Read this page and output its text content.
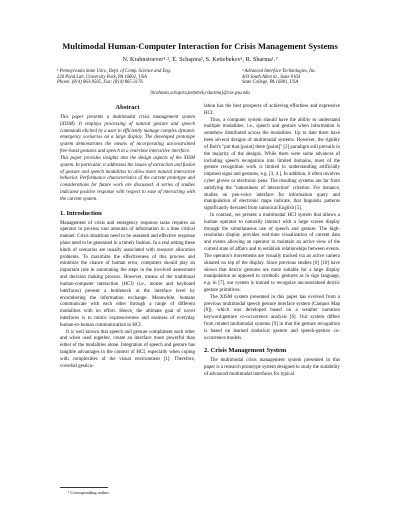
Multimodal Human-Computer Interaction for Crisis Management Systems
N. Krahnstoever¹˒², E. Schapira², S. Kettebekov¹, R. Sharma¹˒²
¹ Pennsylvania State Univ., Dept. of Comp. Science and Eng.
220 Pond Lab, University Park, PA 16802, USA
Phone: (814) 863-9505, Fax: (814) 865-3176
² Advanced Interface Technologies, Inc.
403 South Allen St., Suite #104
State College, PA 16801, USA
{krahnsto,schapira,kettebek,rsharma}@cse.psu.edu
Abstract

This paper presents a multimodal crisis management system (XISM). It employs processing of natural gesture and speech commands elicited by a user to efficiently manage complex dynamic emergency scenarios on a large display. The developed prototype system demonstrates the means of incorporating unconstrained free-hand gestures and speech in a real-time interactive interface.

This paper provides insights into the design aspects of the XISM system. In particular, it addresses the issues of extraction and fusion of gesture and speech modalities to allow more natural interactive behavior. Performance characteristics of the current prototype and considerations for future work are discussed. A series of studies indicated positive response with respect to ease of interacting with the current system.

1. Introduction

Management of crisis and emergency response tasks requires an operator to process vast amounts of information in a time critical manner. Crisis situations need to be assessed and effective response plans need to be generated in a timely fashion. In a real setting these kinds of scenarios are usually associated with resource allocation problems. To maximize the effectiveness of this process and minimize the chance of human error, computers should play an important role in automating the steps in the involved assessment and decision making process. However, means of the traditional human-computer interaction (HCI) (i.e., mouse and keyboard interfaces) present a bottleneck at the interface level by encumbering the information exchange. Meanwhile, humans communicate with each other through a range of different modalities with no effort. Hence, the ultimate goal of novel interfaces is to mimic expressiveness and easiness of everyday human-to-human communication in HCI.

It is well known that speech and gesture compliment each other and when used together, create an interface more powerful than either of the modalities alone. Integration of speech and gesture has tangible advantages in the context of HCI, especially when coping with complexities of the visual environment [1]. Therefore, coverbal gesticu-

lation has the best prospects of achieving effortless and expressive HCI.

Thus, a computer system should have the ability to understand multiple modalities, i.e., speech and gesture when information is somehow distributed across the modalities. Up to date there have been several designs of multimodal systems. However, the rigidity of Bolt's "put that [point] there [point]" [2] paradigm still prevails in the majority of the designs. While there were some advances of including speech recognition into limited domains, most of the gesture recognition work is limited to understanding artificially imposed signs and gestures, e.g. [3, 4 ]. In addition, it often involves cyber gloves or electronic pens. The resulting systems are far from satisfying the "naturalness of interaction" criterion. For instance, studies on pen-voice interface for information query and manipulation of electronic maps indicate, that linguistic patterns significantly deviated from canonical English [5].

In contrast, we present a multimodal HCI system that allows a human operator to naturally interact with a large screen display through the simultaneous use of speech and gesture. The high-resolution display provides real-time visualization of current data and events allowing an operator to maintain an active view of the current state of affairs and to establish relationships between events. The operator's movements are visually tracked via an active camera situated on top of the display. Since previous studies [6] [10] have shown that deictic gestures are more suitable for a large display manipulation as opposed to symbolic gestures as in sign language, e.g. in [7], our system is trained to recognize unconstrained deictic gesture primitives.

The XISM system presented in this paper has evolved from a previous multimodal speech gesture interface system (Campus Map [8]), which was developed based on a weather narration keyword/gesture co-occurrence analysis [6]. Our system differs from related multimodal systems [9] in that the gesture recognition is based on learned statistical gesture and speech-gesture co-occurrence models.

2. Crisis Management System

The multimodal crisis management system presented in this paper is a research prototype system designed to study the suitability of advanced multimodal interfaces for typical

¹ Corresponding author.
